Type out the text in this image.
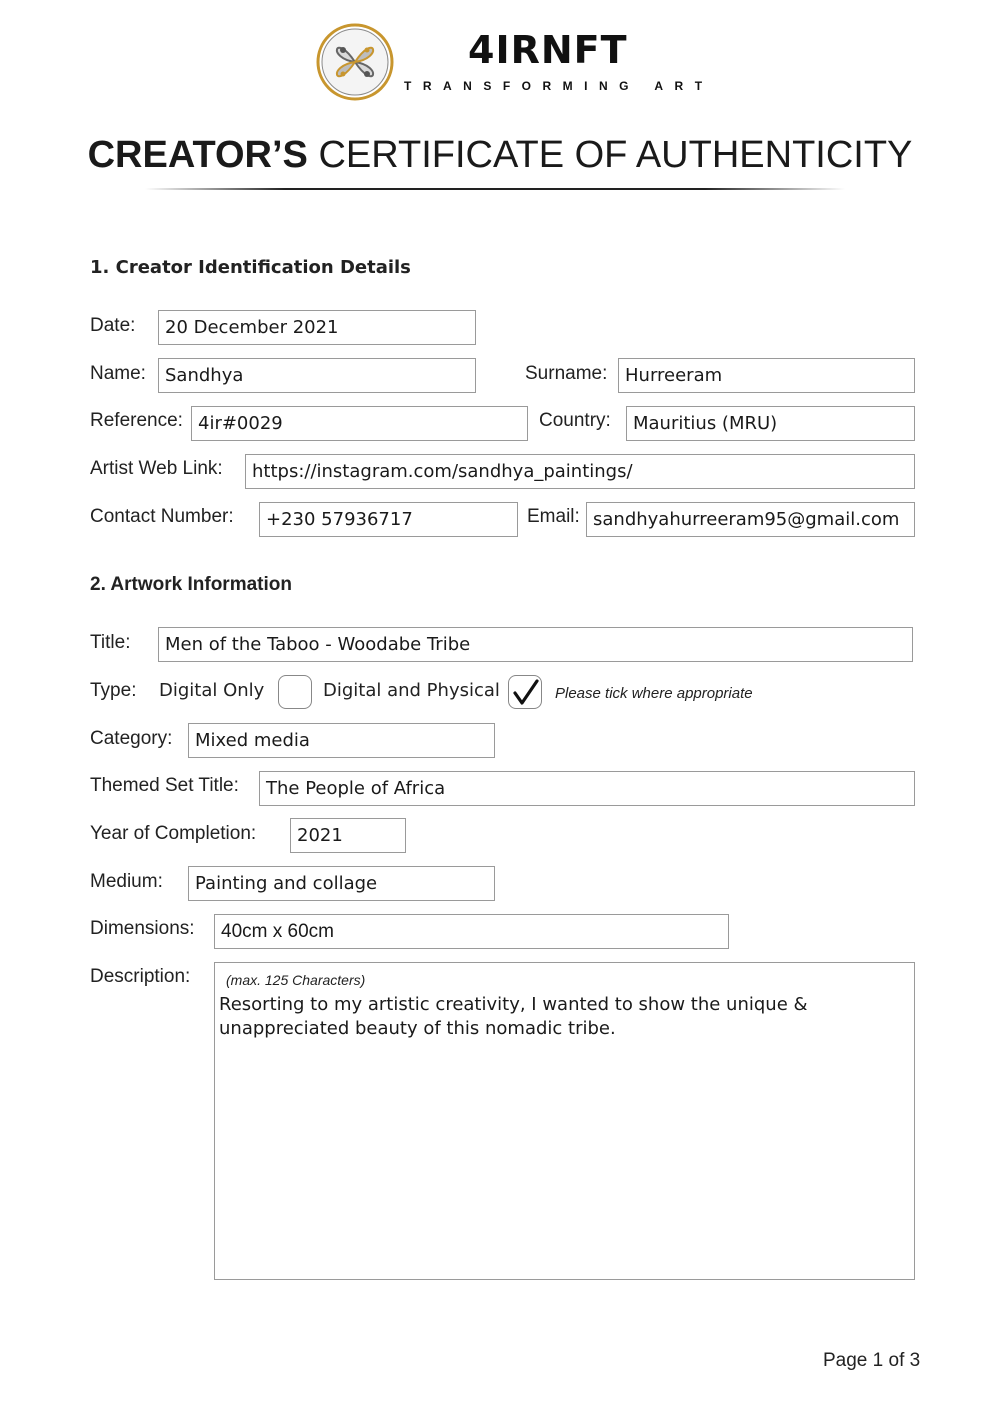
4IRNFT
TRANSFORMING ART
CREATOR’S CERTIFICATE OF AUTHENTICITY
1. Creator Identification Details
Date:	20 December 2021
Name:	Sandhya	Surname: Hurreeram
Reference: 4ir#0029	Country:	Mauritius (MRU)
Artist Web Link:	https://instagram.com/sandhya_paintings/
Contact Number:	+230 57936717	Email: sandhyahurreeram95@gmail.com
2. Artwork Information
Title:	Men of the Taboo - Woodabe Tribe
Type: Digital Only	Digital and Physical	Please tick where appropriate
Category:	Mixed media
Themed Set Title:	The People of Africa
Year of Completion:	2021
Medium:	Painting and collage
Dimensions:	40cm x 60cm
Description:	(max. 125 Characters)
Resorting to my artistic creativity, I wanted to show the unique & unappreciated beauty of this nomadic tribe.
Page 1 of 3
